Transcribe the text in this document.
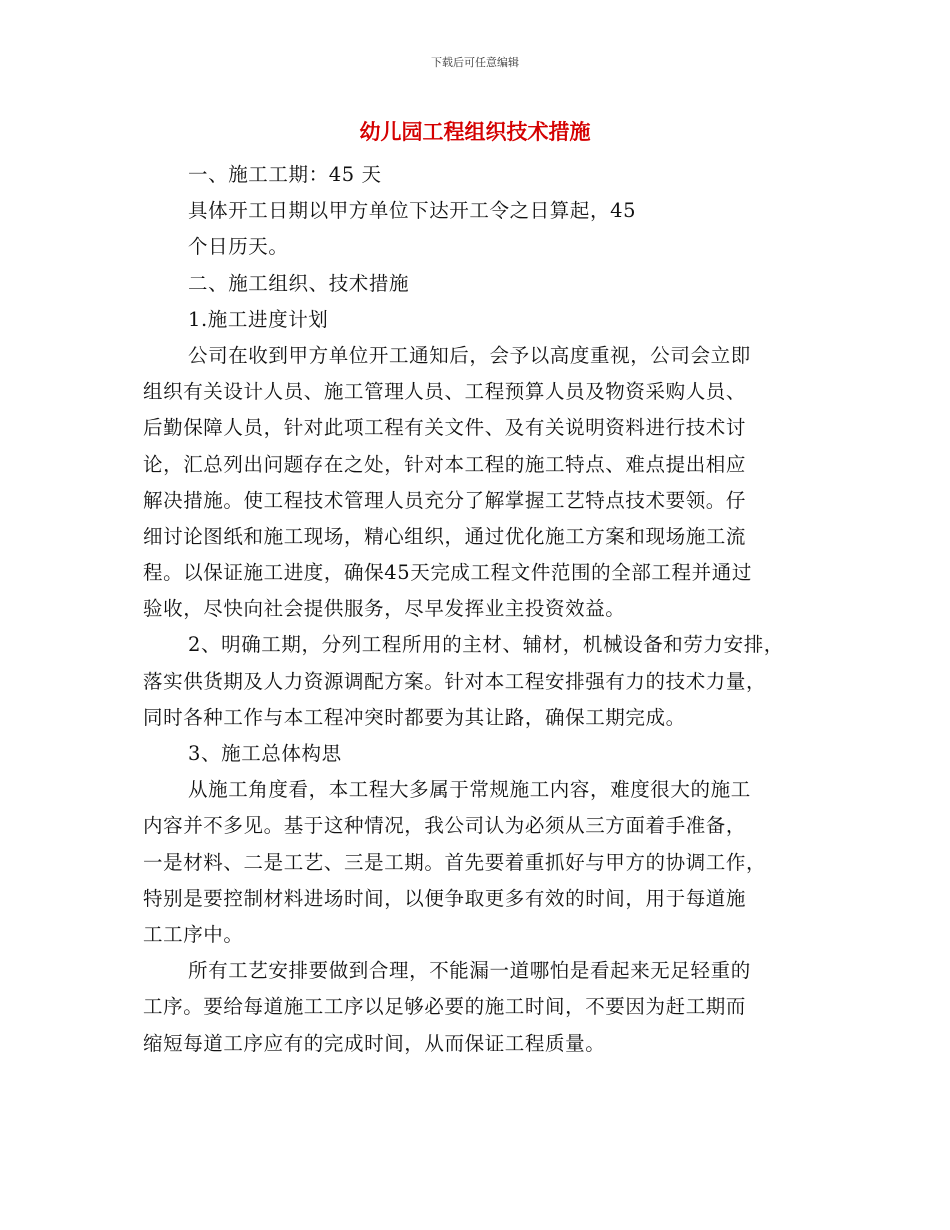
下载后可任意编辑
幼儿园工程组织技术措施
一、施工工期：45 天
具体开工日期以甲方单位下达开工令之日算起，45
个日历天。
二、施工组织、技术措施
1.施工进度计划
公司在收到甲方单位开工通知后，会予以高度重视，公司会立即
组织有关设计人员、施工管理人员、工程预算人员及物资采购人员、
后勤保障人员，针对此项工程有关文件、及有关说明资料进行技术讨
论，汇总列出问题存在之处，针对本工程的施工特点、难点提出相应
解决措施。使工程技术管理人员充分了解掌握工艺特点技术要领。仔
细讨论图纸和施工现场，精心组织，通过优化施工方案和现场施工流
程。以保证施工进度，确保45天完成工程文件范围的全部工程并通过
验收，尽快向社会提供服务，尽早发挥业主投资效益。
2、明确工期，分列工程所用的主材、辅材，机械设备和劳力安排，
落实供货期及人力资源调配方案。针对本工程安排强有力的技术力量，
同时各种工作与本工程冲突时都要为其让路，确保工期完成。
3、施工总体构思
从施工角度看，本工程大多属于常规施工内容，难度很大的施工
内容并不多见。基于这种情况，我公司认为必须从三方面着手准备，
一是材料、二是工艺、三是工期。首先要着重抓好与甲方的协调工作，
特别是要控制材料进场时间，以便争取更多有效的时间，用于每道施
工工序中。
所有工艺安排要做到合理，不能漏一道哪怕是看起来无足轻重的
工序。要给每道施工工序以足够必要的施工时间，不要因为赶工期而
缩短每道工序应有的完成时间，从而保证工程质量。
